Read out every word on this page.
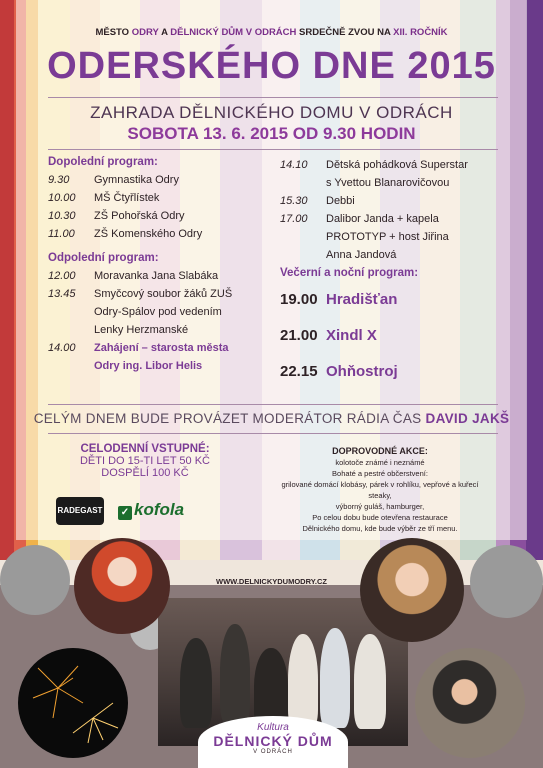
MĚSTO ODRY A DĚLNICKÝ DŮM V ODRÁCH SRDEČNĚ ZVOU NA XII. ROČNÍK
ODERSKÉHO DNE 2015
ZAHRADA DĚLNICKÉHO DOMU V ODRÁCH
SOBOTA 13. 6. 2015 OD 9.30 HODIN
Dopolední program:
9.30	Gymnastika Odry
10.00	MŠ Čtyřlístek
10.30	ZŠ Pohořská Odry
11.00	ZŠ Komenského Odry
Odpolední program:
12.00	Moravanka Jana Slabáka
13.45	Smyčcový soubor žáků ZUŠ
Odry-Spálov pod vedením
Lenky Herzmanské
14.00	Zahájení – starosta města
Odry ing. Libor Helis
14.10	Dětská pohádková Superstar
s Yvettou Blanarovičovou
15.30	Debbi
17.00	Dalibor Janda + kapela
PROTOTYP + host Jiřina
Anna Jandová
Večerní a noční program:
19.00 Hradišťan
21.00 Xindl X
22.15 Ohňostroj
CELÝM DNEM BUDE PROVÁZET MODERÁTOR RÁDIA ČAS DAVID JAKŠ
CELODENNÍ VSTUPNÉ:
DĚTI DO 15-TI LET 50 KČ
DOSPĚLÍ 100 KČ
DOPROVODNÉ AKCE:
kolotoče známé i neznámé
Bohaté a pestré občerstvení:
grilované domácí klobásy, párek v rohlíku, vepřové a kuřecí steaky,
výborný guláš, hamburger,
Po celou dobu bude otevřena restaurace
Dělnického domu, kde bude výběr ze tří menu.
RADEGAST ✓ kofola
WWW.DELNICKYDUMODRY.CZ
Kultura
DĚLNICKÝ DŮM
V ODRÁCH
